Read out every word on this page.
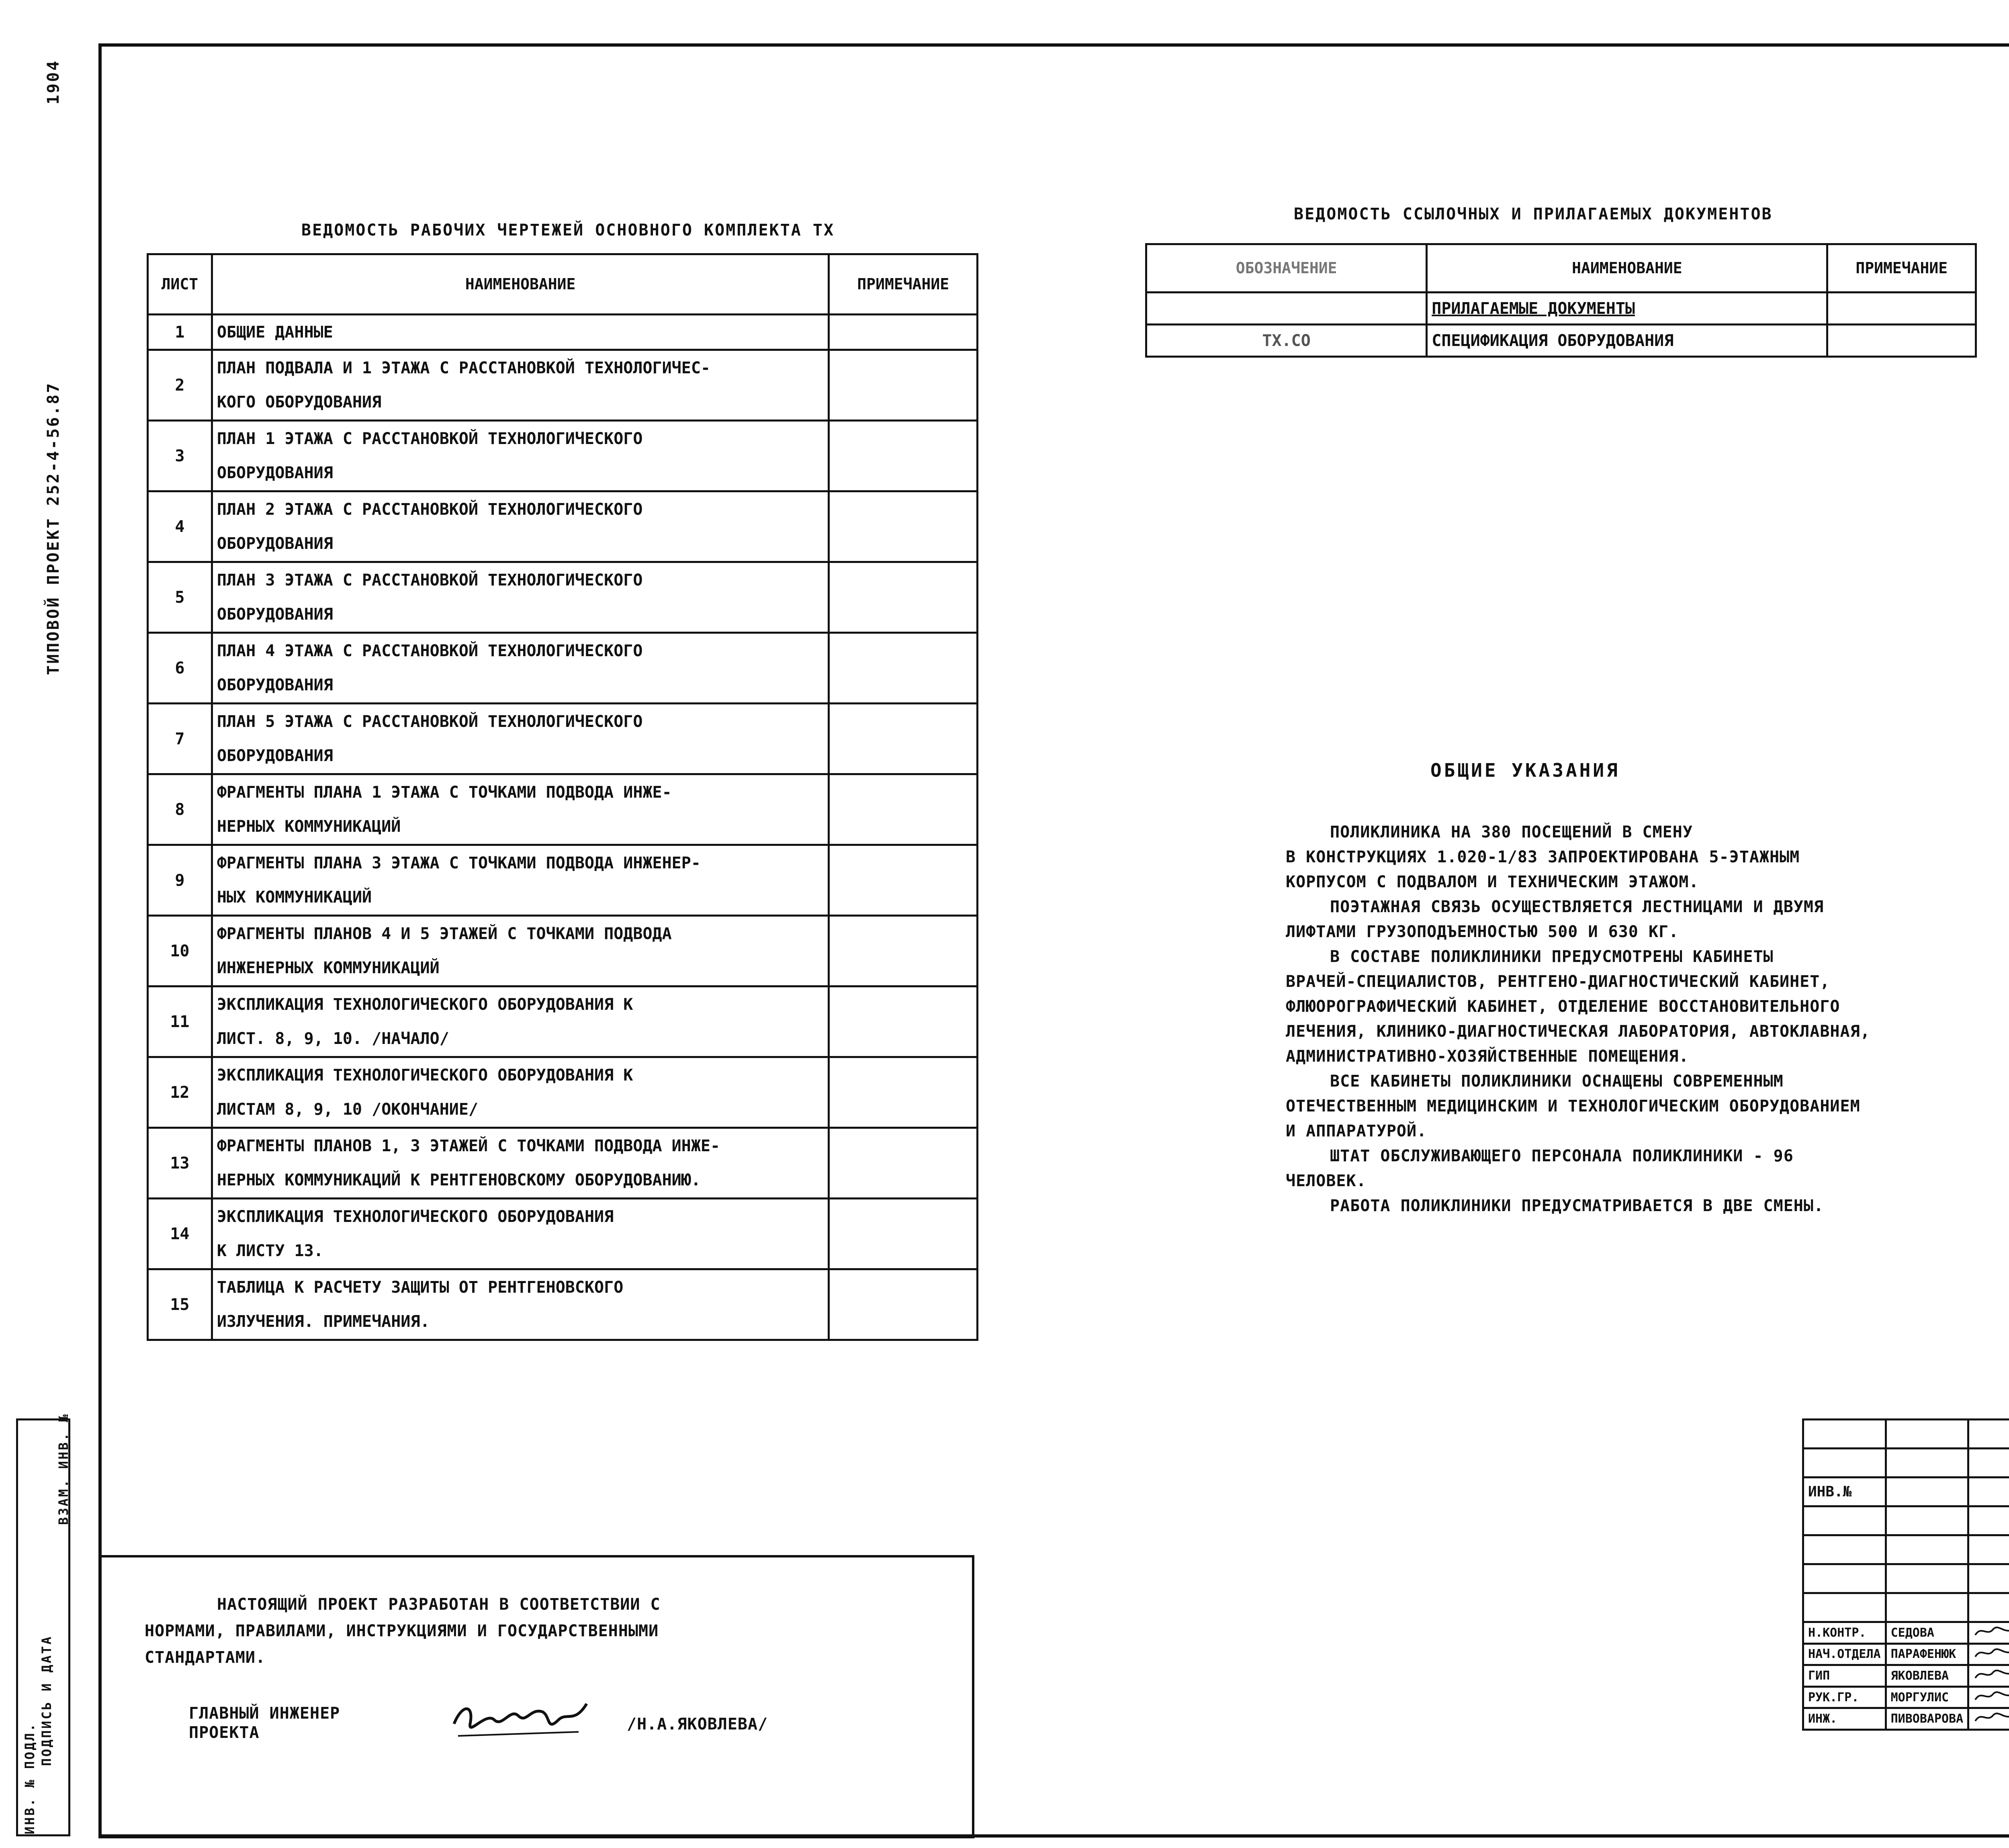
ТИПОВОЙ ПРОЕКТ 252-4-56.87
1904
ИНВ. № ПОДЛ.
ПОДПИСЬ И ДАТА
ВЗАМ. ИНВ. №
ВЕДОМОСТЬ РАБОЧИХ ЧЕРТЕЖЕЙ ОСНОВНОГО КОМПЛЕКТА ТХ
ЛИСТ	НАИМЕНОВАНИЕ	ПРИМЕЧАНИЕ
1	ОБЩИЕ ДАННЫЕ	
2	ПЛАН ПОДВАЛА И 1 ЭТАЖА С РАССТАНОВКОЙ ТЕХНОЛОГИЧЕС-	
	КОГО ОБОРУДОВАНИЯ	
3	ПЛАН 1 ЭТАЖА С РАССТАНОВКОЙ ТЕХНОЛОГИЧЕСКОГО	
	ОБОРУДОВАНИЯ	
4	ПЛАН 2 ЭТАЖА С РАССТАНОВКОЙ ТЕХНОЛОГИЧЕСКОГО	
	ОБОРУДОВАНИЯ	
5	ПЛАН 3 ЭТАЖА С РАССТАНОВКОЙ ТЕХНОЛОГИЧЕСКОГО	
	ОБОРУДОВАНИЯ	
6	ПЛАН 4 ЭТАЖА С РАССТАНОВКОЙ ТЕХНОЛОГИЧЕСКОГО	
	ОБОРУДОВАНИЯ	
7	ПЛАН 5 ЭТАЖА С РАССТАНОВКОЙ ТЕХНОЛОГИЧЕСКОГО	
	ОБОРУДОВАНИЯ	
8	ФРАГМЕНТЫ ПЛАНА 1 ЭТАЖА С ТОЧКАМИ ПОДВОДА ИНЖЕ-	
	НЕРНЫХ КОММУНИКАЦИЙ	
9	ФРАГМЕНТЫ ПЛАНА 3 ЭТАЖА С ТОЧКАМИ ПОДВОДА ИНЖЕНЕР-	
	НЫХ КОММУНИКАЦИЙ	
10	ФРАГМЕНТЫ ПЛАНОВ 4 И 5 ЭТАЖЕЙ С ТОЧКАМИ ПОДВОДА	
	ИНЖЕНЕРНЫХ КОММУНИКАЦИЙ	
11	ЭКСПЛИКАЦИЯ ТЕХНОЛОГИЧЕСКОГО ОБОРУДОВАНИЯ К	
	ЛИСТ. 8, 9, 10. /НАЧАЛО/	
12	ЭКСПЛИКАЦИЯ ТЕХНОЛОГИЧЕСКОГО ОБОРУДОВАНИЯ К	
	ЛИСТАМ 8, 9, 10 /ОКОНЧАНИЕ/	
13	ФРАГМЕНТЫ ПЛАНОВ 1, 3 ЭТАЖЕЙ С ТОЧКАМИ ПОДВОДА ИНЖЕ-	
	НЕРНЫХ КОММУНИКАЦИЙ К РЕНТГЕНОВСКОМУ ОБОРУДОВАНИЮ.	
14	ЭКСПЛИКАЦИЯ ТЕХНОЛОГИЧЕСКОГО ОБОРУДОВАНИЯ	
	К ЛИСТУ 13.	
15	ТАБЛИЦА К РАСЧЕТУ ЗАЩИТЫ ОТ РЕНТГЕНОВСКОГО	
	ИЗЛУЧЕНИЯ. ПРИМЕЧАНИЯ.	
ВЕДОМОСТЬ ССЫЛОЧНЫХ И ПРИЛАГАЕМЫХ ДОКУМЕНТОВ
ОБОЗНАЧЕНИЕ	НАИМЕНОВАНИЕ	ПРИМЕЧАНИЕ
	ПРИЛАГАЕМЫЕ ДОКУМЕНТЫ	
ТХ.СО	СПЕЦИФИКАЦИЯ ОБОРУДОВАНИЯ	
ОБЩИЕ УКАЗАНИЯ
ПОЛИКЛИНИКА НА 380 ПОСЕЩЕНИЙ В СМЕНУ
В КОНСТРУКЦИЯХ 1.020-1/83 ЗАПРОЕКТИРОВАНА 5-ЭТАЖНЫМ
КОРПУСОМ С ПОДВАЛОМ И ТЕХНИЧЕСКИМ ЭТАЖОМ.
ПОЭТАЖНАЯ СВЯЗЬ ОСУЩЕСТВЛЯЕТСЯ ЛЕСТНИЦАМИ И ДВУМЯ
ЛИФТАМИ ГРУЗОПОДЪЕМНОСТЬЮ 500 И 630 КГ.
В СОСТАВЕ ПОЛИКЛИНИКИ ПРЕДУСМОТРЕНЫ КАБИНЕТЫ
ВРАЧЕЙ-СПЕЦИАЛИСТОВ, РЕНТГЕНО-ДИАГНОСТИЧЕСКИЙ КАБИНЕТ,
ФЛЮОРОГРАФИЧЕСКИЙ КАБИНЕТ, ОТДЕЛЕНИЕ ВОССТАНОВИТЕЛЬНОГО
ЛЕЧЕНИЯ, КЛИНИКО-ДИАГНОСТИЧЕСКАЯ ЛАБОРАТОРИЯ, АВТОКЛАВНАЯ,
АДМИНИСТРАТИВНО-ХОЗЯЙСТВЕННЫЕ ПОМЕЩЕНИЯ.
ВСЕ КАБИНЕТЫ ПОЛИКЛИНИКИ ОСНАЩЕНЫ СОВРЕМЕННЫМ
ОТЕЧЕСТВЕННЫМ МЕДИЦИНСКИМ И ТЕХНОЛОГИЧЕСКИМ ОБОРУДОВАНИЕМ
И АППАРАТУРОЙ.
ШТАТ ОБСЛУЖИВАЮЩЕГО ПЕРСОНАЛА ПОЛИКЛИНИКИ - 96
ЧЕЛОВЕК.
РАБОТА ПОЛИКЛИНИКИ ПРЕДУСМАТРИВАЕТСЯ В ДВЕ СМЕНЫ.

НАСТОЯЩИЙ ПРОЕКТ РАЗРАБОТАН В СООТВЕТСТВИИ С
НОРМАМИ, ПРАВИЛАМИ, ИНСТРУКЦИЯМИ И ГОСУДАРСТВЕННЫМИ
СТАНДАРТАМИ.
ГЛАВНЫЙ ИНЖЕНЕР
ПРОЕКТА	/Н.А.ЯКОВЛЕВА/

ИНВ.№				

Н.КОНТР.	СЕДОВА			
НАЧ.ОТДЕЛА	ПАРАФЕНЮК			
ГИП	ЯКОВЛЕВА			
РУК.ГР.	МОРГУЛИС			
ИНЖ.	ПИВОВАРОВА			
